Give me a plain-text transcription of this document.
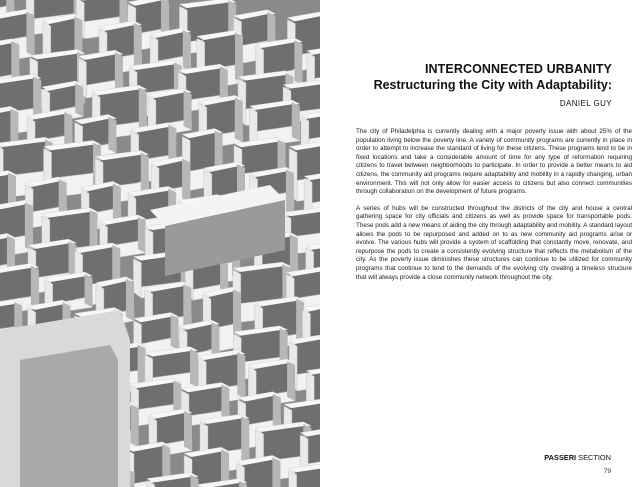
INTERCONNECTED URBANITY

Restructuring the City with Adaptability:

DANIEL GUY

The city of Philadelphia is currently dealing with a major poverty issue with about 25% of the population living below the poverty line. A variety of community programs are currently in place in order to attempt to increase the standard of living for these citizens. These programs tend to be in fixed locations and take a considerable amount of time for any type of reformation requiring citizens to travel between neighborhoods to participate. In order to provide a better means to aid citizens, the community aid programs require adaptability and mobility in a rapidly changing, urban environment. This will not only allow for easier access to citizens but also connect communities through collaboration on the development of future programs.

A series of hubs will be constructed throughout the districts of the city and house a central gathering space for city officials and citizens as well as provide space for transportable pods. These pods add a new means of aiding the city through adaptability and mobility. A standard layout allows the pods to be repurposed and added on to as new community aid programs arise or evolve. The various hubs will provide a system of scaffolding that constantly move, renovate, and repurpose the pods to create a consistently evolving structure that reflects the metabolism of the city. As the poverty issue diminishes these structures can continue to be utilized for community programs that continue to tend to the demands of the evolving city creating a timeless structure that will always provide a close community network throughout the city.

PASSERI SECTION
79
